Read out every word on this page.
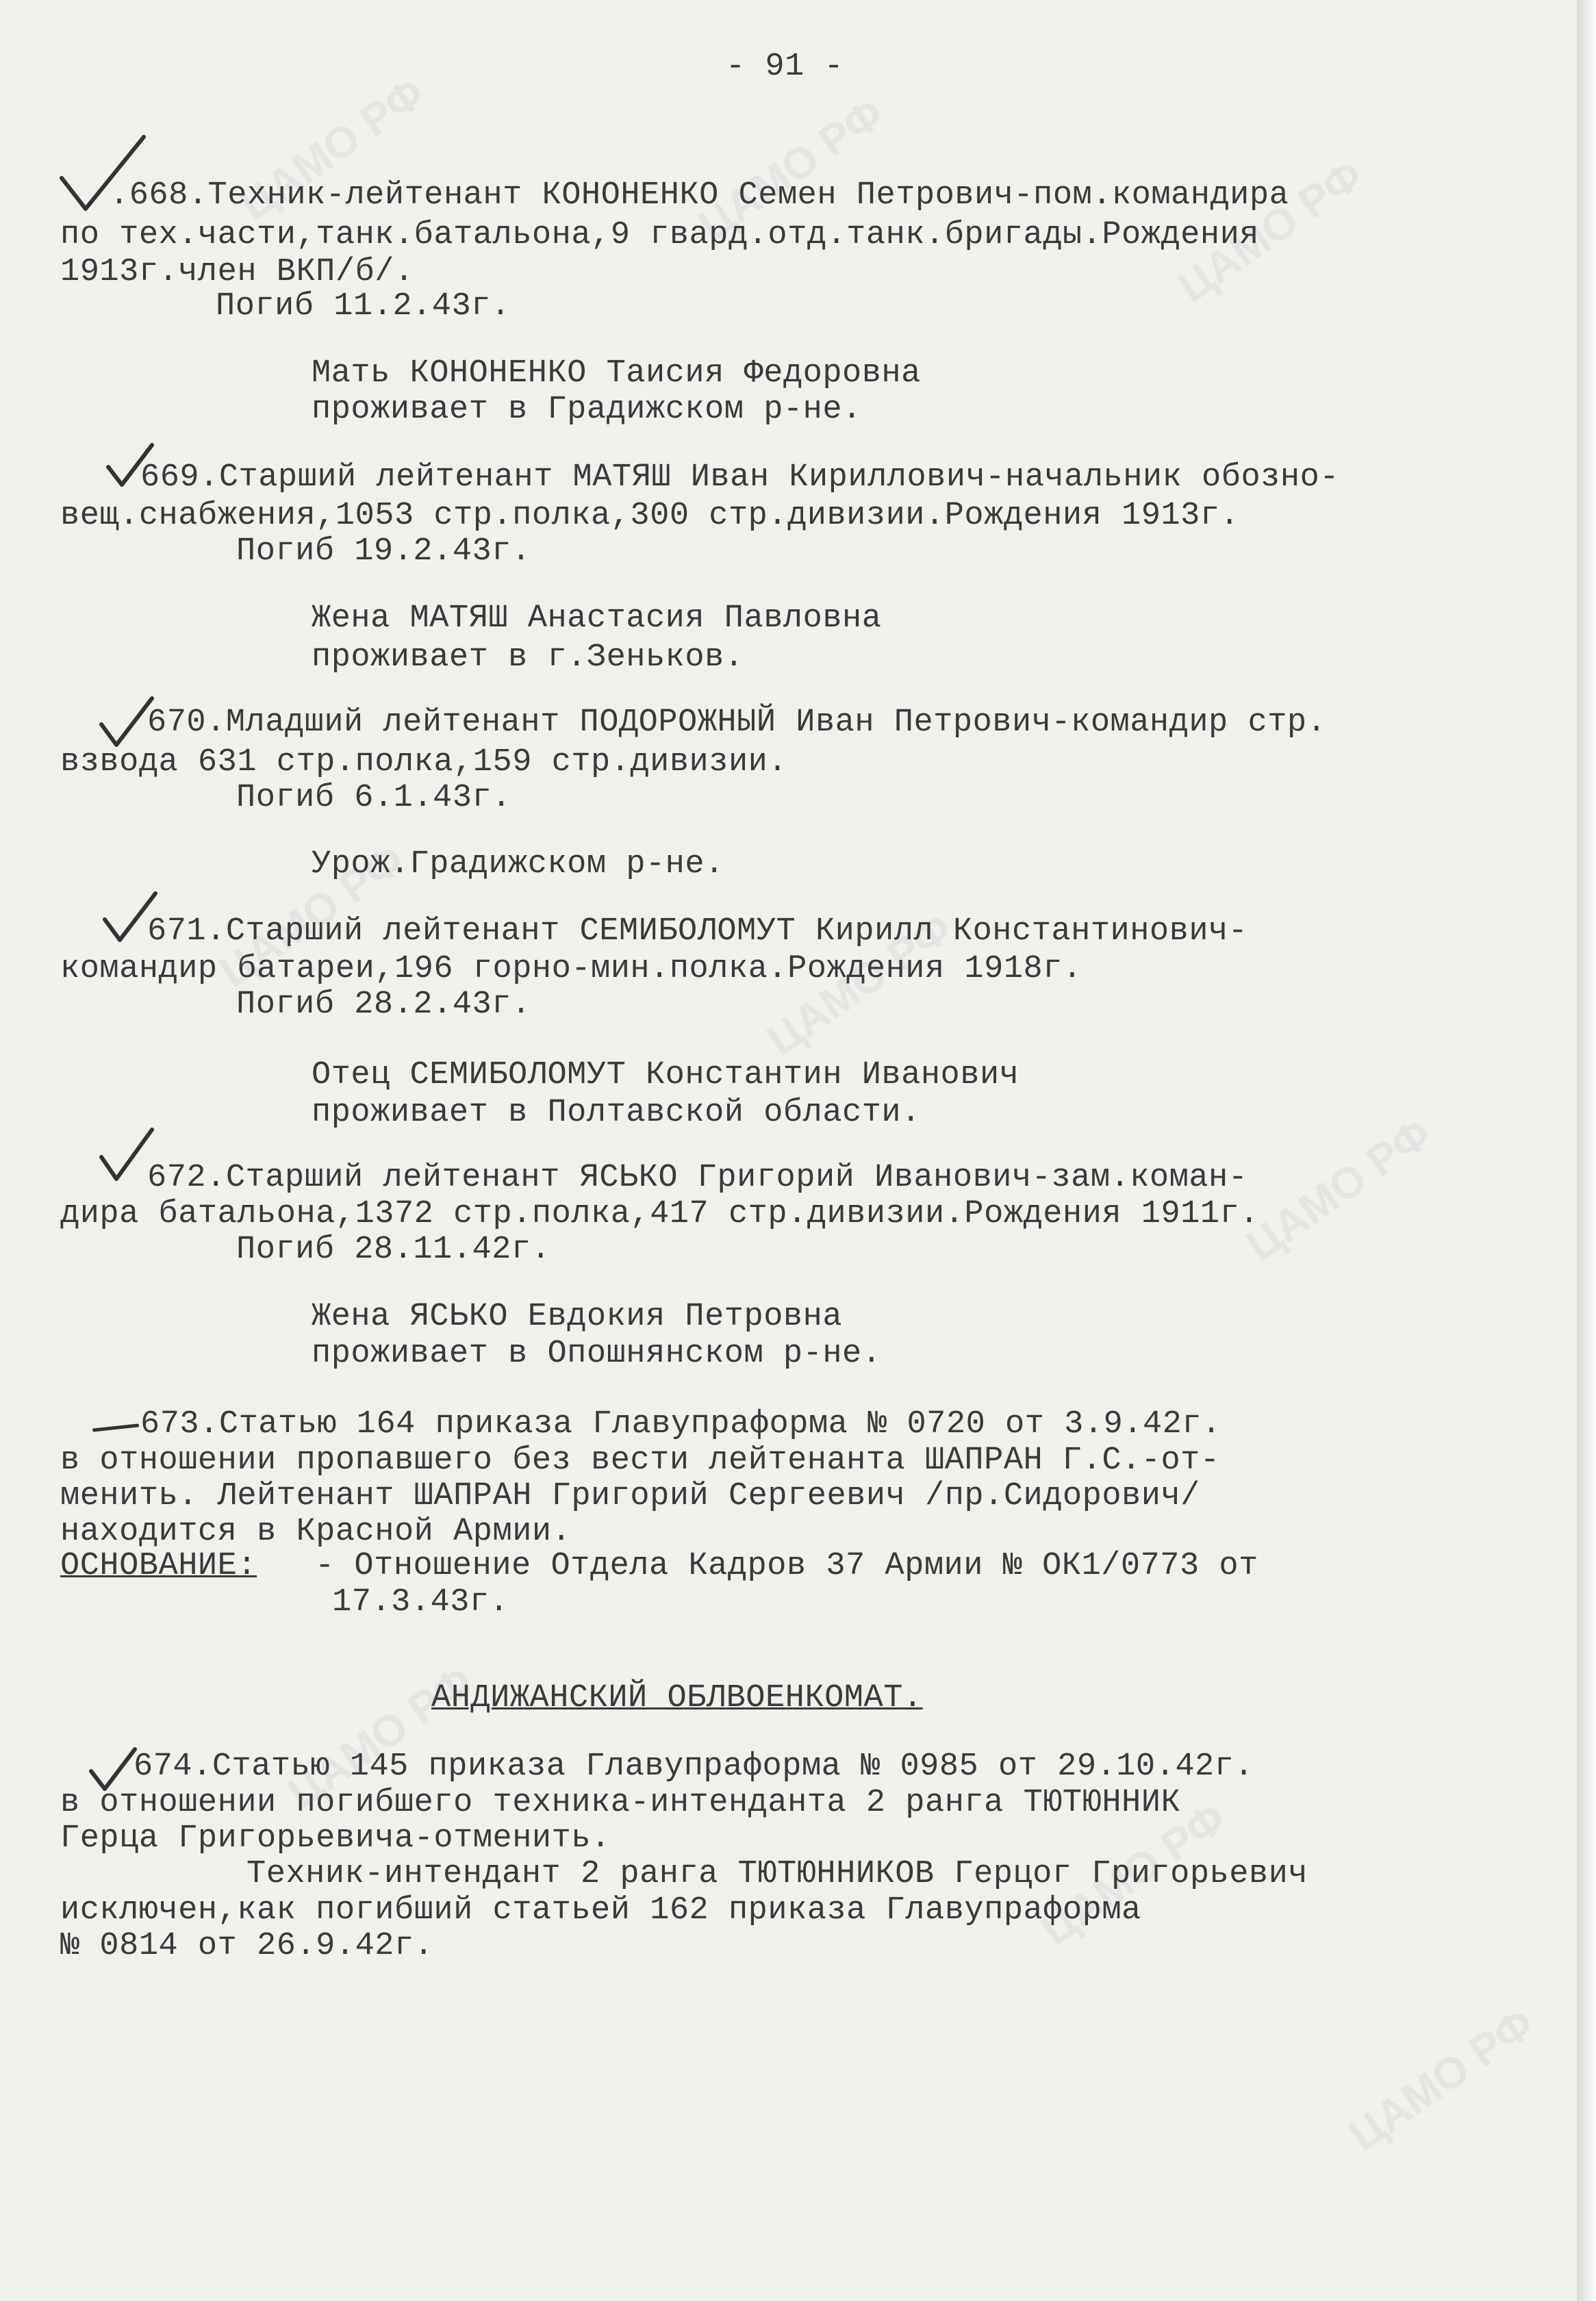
ЦАМО РФ	ЦАМО РФ	ЦАМО РФ
ЦАМО РФ	ЦАМО РФ
ЦАМО РФ
ЦАМО РФ
ЦАМО РФ
ЦАМО РФ
- 91 -
.668.Техник-лейтенант КОНОНЕНКО Семен Петрович-пом.командира
по тех.части,танк.батальона,9 гвард.отд.танк.бригады.Рождения
1913г.член ВКП/б/.
Погиб 11.2.43г.
Мать КОНОНЕНКО Таисия Федоровна
проживает в Градижском р-не.
669.Старший лейтенант МАТЯШ Иван Кириллович-начальник обозно-
вещ.снабжения,1053 стр.полка,300 стр.дивизии.Рождения 1913г.
Погиб 19.2.43г.
Жена МАТЯШ Анастасия Павловна
проживает в г.Зеньков.
670.Младший лейтенант ПОДОРОЖНЫЙ Иван Петрович-командир стр.
взвода 631 стр.полка,159 стр.дивизии.
Погиб 6.1.43г.
Урож.Градижском р-не.
671.Старший лейтенант СЕМИБОЛОМУТ Кирилл Константинович-
командир батареи,196 горно-мин.полка.Рождения 1918г.
Погиб 28.2.43г.
Отец СЕМИБОЛОМУТ Константин Иванович
проживает в Полтавской области.
672.Старший лейтенант ЯСЬКО Григорий Иванович-зам.коман-
дира батальона,1372 стр.полка,417 стр.дивизии.Рождения 1911г.
Погиб 28.11.42г.
Жена ЯСЬКО Евдокия Петровна
проживает в Опошнянском р-не.
673.Статью 164 приказа Главупраформа № 0720 от 3.9.42г.
в отношении пропавшего без вести лейтенанта ШАПРАН Г.С.-от-
менить. Лейтенант ШАПРАН Григорий Сергеевич /пр.Сидорович/
находится в Красной Армии.
ОСНОВАНИЕ: - Отношение Отдела Кадров 37 Армии № ОК1/0773 от
17.3.43г.
АНДИЖАНСКИЙ ОБЛВОЕНКОМАТ.
674.Статью 145 приказа Главупраформа № 0985 от 29.10.42г.
в отношении погибшего техника-интенданта 2 ранга ТЮТЮННИК
Герца Григорьевича-отменить.
Техник-интендант 2 ранга ТЮТЮННИКОВ Герцог Григорьевич
исключен,как погибший статьей 162 приказа Главупраформа
№ 0814 от 26.9.42г.
